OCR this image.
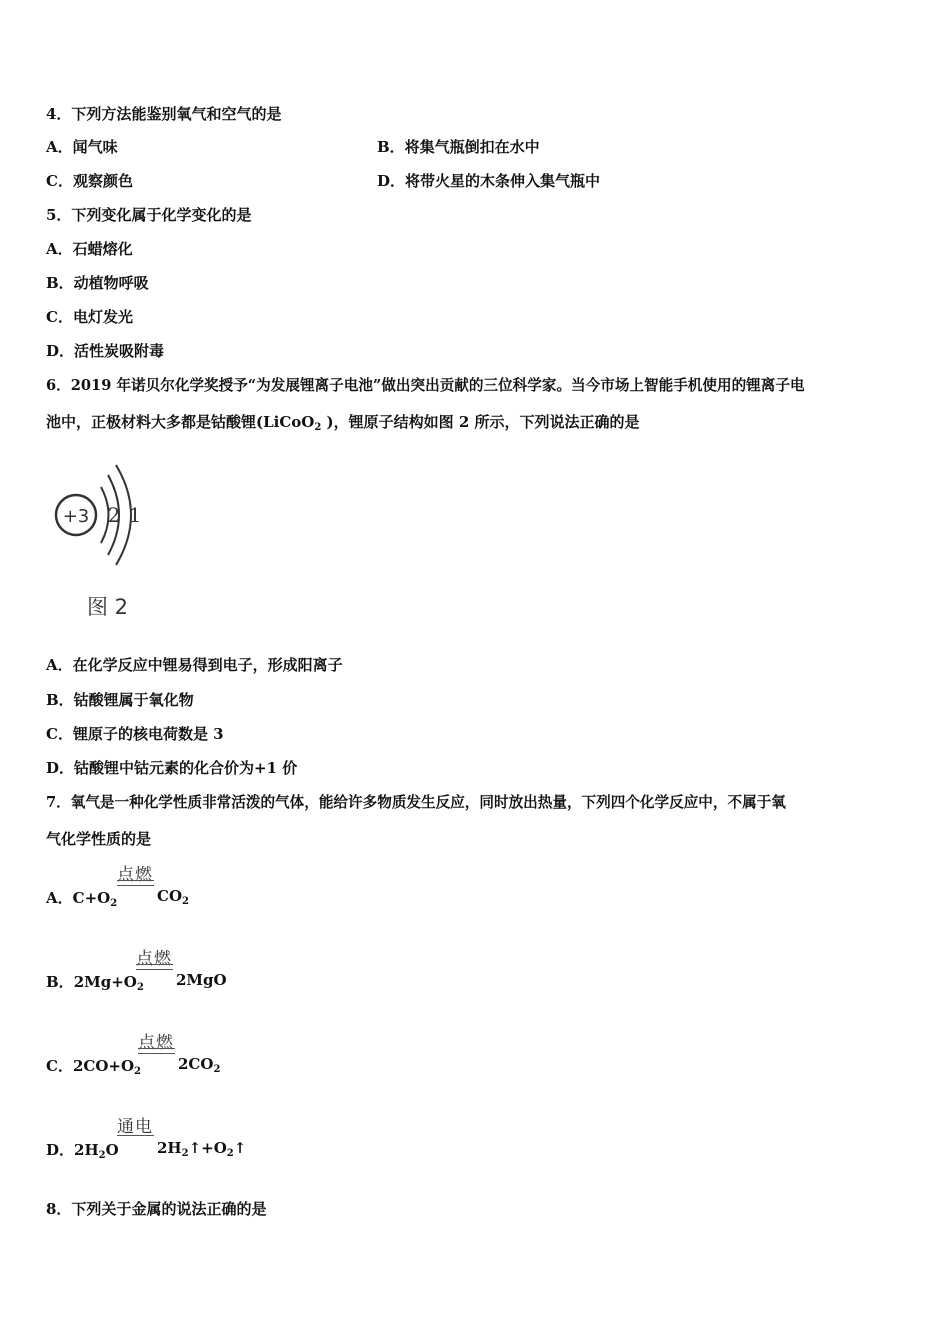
4．下列方法能鉴别氧气和空气的是
A．闻气味	B．将集气瓶倒扣在水中
C．观察颜色	D．将带火星的木条伸入集气瓶中
5．下列变化属于化学变化的是
A．石蜡熔化
B．动植物呼吸
C．电灯发光
D．活性炭吸附毒
6．2019 年诺贝尔化学奖授予“为发展锂离子电池”做出突出贡献的三位科学家。当今市场上智能手机使用的锂离子电
池中，正极材料大多都是钴酸锂(LiCoO$_2$ )，锂原子结构如图 2 所示，下列说法正确的是
+3 2 1
图 2
A．在化学反应中锂易得到电子，形成阳离子
B．钴酸锂属于氧化物
C．锂原子的核电荷数是 3
D．钴酸锂中钴元素的化合价为+1 价
7．氧气是一种化学性质非常活泼的气体，能给许多物质发生反应，同时放出热量，下列四个化学反应中，不属于氧
气化学性质的是
A．$C+O_2$
点燃
$CO_2$
B．$2Mg+O_2$
点燃
2MgO
C．$2CO+O_2$
点燃
$2CO_2$
D．$2H_2O$
通电
$2H_2↑+O_2↑$
8．下列关于金属的说法正确的是
